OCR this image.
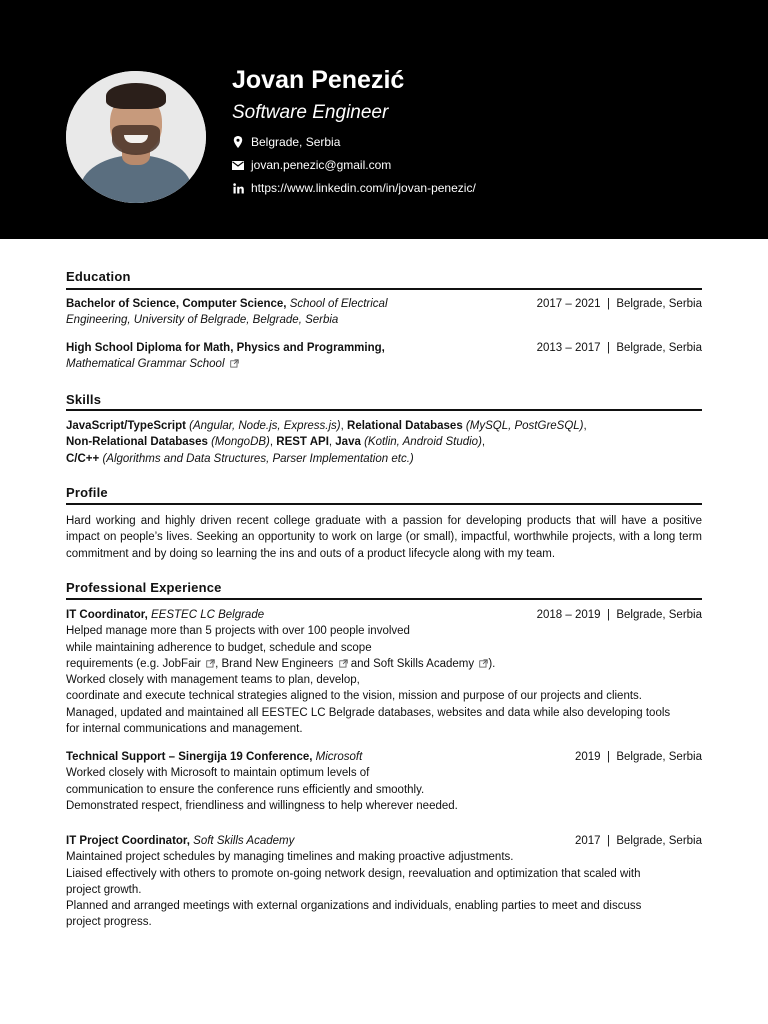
Jovan Penezić
Software Engineer
Belgrade, Serbia
jovan.penezic@gmail.com
https://www.linkedin.com/in/jovan-penezic/
Education
Bachelor of Science, Computer Science, School of Electrical
Engineering, University of Belgrade, Belgrade, Serbia
2017 – 2021 | Belgrade, Serbia
High School Diploma for Math, Physics and Programming,
Mathematical Grammar School
2013 – 2017 | Belgrade, Serbia
Skills
JavaScript/TypeScript (Angular, Node.js, Express.js), Relational Databases (MySQL, PostGreSQL),
Non-Relational Databases (MongoDB), REST API, Java (Kotlin, Android Studio),
C/C++ (Algorithms and Data Structures, Parser Implementation etc.)
Profile
Hard working and highly driven recent college graduate with a passion for developing products that will have a positive impact on people’s lives. Seeking an opportunity to work on large (or small), impactful, worthwhile projects, with a long term commitment and by doing so learning the ins and outs of a product lifecycle along with my team.
Professional Experience
IT Coordinator, EESTEC LC Belgrade
Helped manage more than 5 projects with over 100 people involved
while maintaining adherence to budget, schedule and scope
requirements (e.g. JobFair , Brand New Engineers and Soft Skills Academy ).
Worked closely with management teams to plan, develop,
coordinate and execute technical strategies aligned to the vision, mission and purpose of our projects and clients.
Managed, updated and maintained all EESTEC LC Belgrade databases, websites and data while also developing tools
for internal communications and management.
2018 – 2019 | Belgrade, Serbia
Technical Support – Sinergija 19 Conference, Microsoft
Worked closely with Microsoft to maintain optimum levels of
communication to ensure the conference runs efficiently and smoothly.
Demonstrated respect, friendliness and willingness to help wherever needed.
2019 | Belgrade, Serbia
IT Project Coordinator, Soft Skills Academy
Maintained project schedules by managing timelines and making proactive adjustments.
Liaised effectively with others to promote on-going network design, reevaluation and optimization that scaled with
project growth.
Planned and arranged meetings with external organizations and individuals, enabling parties to meet and discuss
project progress.
2017 | Belgrade, Serbia
